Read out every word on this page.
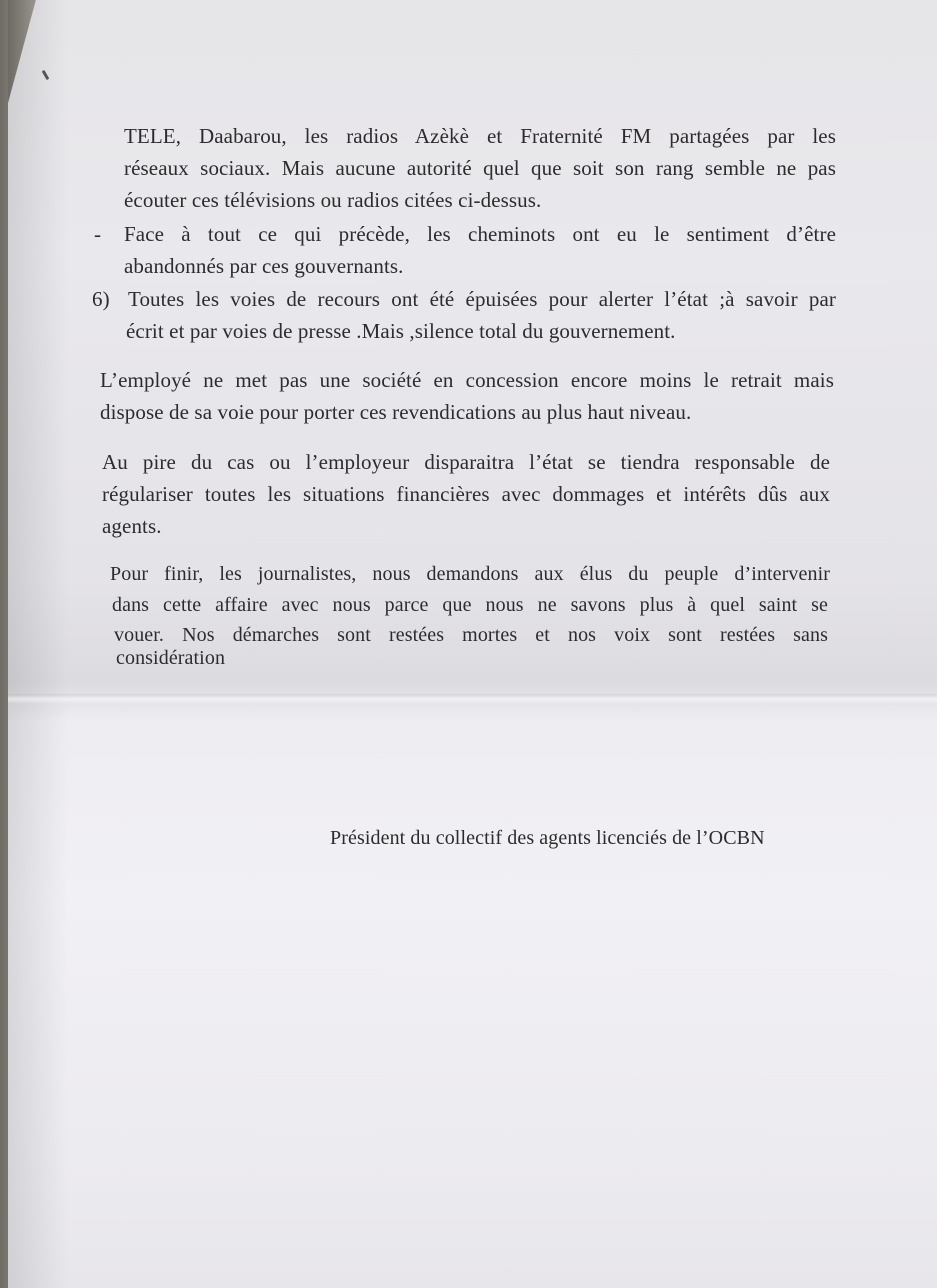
TELE, Daabarou, les radios Azèkè et Fraternité FM partagées par les
réseaux sociaux. Mais aucune autorité quel que soit son rang semble ne pas
écouter ces télévisions ou radios citées ci-dessus.
- Face à tout ce qui précède, les cheminots ont eu le sentiment d’être
abandonnés par ces gouvernants.
6) Toutes les voies de recours ont été épuisées pour alerter l’état ;à savoir par
écrit et par voies de presse .Mais ,silence total du gouvernement.
L’employé ne met pas une société en concession encore moins le retrait mais
dispose de sa voie pour porter ces revendications au plus haut niveau.
Au pire du cas ou l’employeur disparaitra l’état se tiendra responsable de
régulariser toutes les situations financières avec dommages et intérêts dûs aux
agents.
Pour finir, les journalistes, nous demandons aux élus du peuple d’intervenir
dans cette affaire avec nous parce que nous ne savons plus à quel saint se
vouer. Nos démarches sont restées mortes et nos voix sont restées sans
considération
Président du collectif des agents licenciés de l’OCBN
